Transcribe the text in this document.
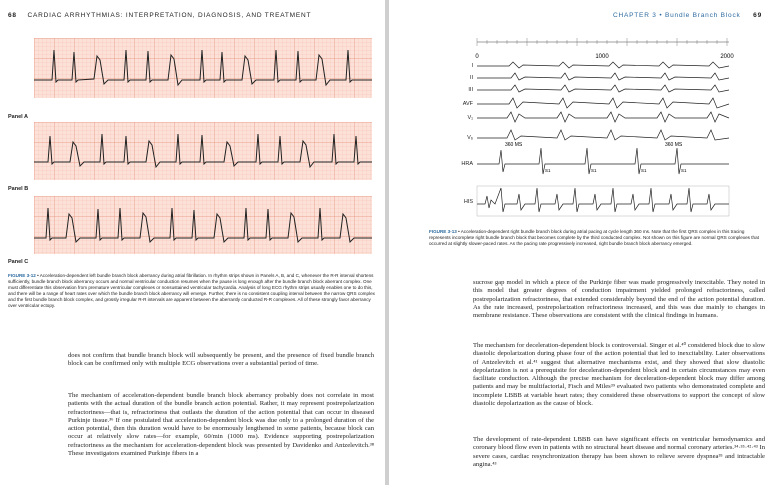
68 CARDIAC ARRHYTHMIAS: INTERPRETATION, DIAGNOSIS, AND TREATMENT
Panel A
Panel B
Panel C
FIGURE 3-12 • Acceleration-dependent left bundle branch block aberrancy during atrial fibrillation. In rhythm strips shown in Panels A, B, and C, whenever the R-R interval shortens sufficiently, bundle branch block aberrancy occurs and normal ventricular conduction resumes when the pause is long enough after the bundle branch block aberrant complex. One must differentiate this observation from premature ventricular complexes or nonsustained ventricular tachycardia. Analysis of long ECG rhythm strips usually enables one to do this, and there will be a range of heart rates over which the bundle branch block aberrancy will emerge. Further, there is no consistent coupling interval between the narrow QRS complex and the first bundle branch block complex, and grossly irregular R-R intervals are apparent between the aberrantly conducted R-R complexes. All of these strongly favor aberrancy over ventricular ectopy.
does not confirm that bundle branch block will subsequently be present, and the presence of fixed bundle branch block can be confirmed only with multiple ECG observations over a substantial period of time.
The mechanism of acceleration-dependent bundle branch block aberrancy probably does not correlate in most patients with the actual duration of the bundle branch action potential. Rather, it may represent postrepolarization refractoriness—that is, refractoriness that outlasts the duration of the action potential that can occur in diseased Purkinje tissue.³⁶ If one postulated that acceleration-dependent block was due only to a prolonged duration of the action potential, then this duration would have to be enormously lengthened in some patients, because block can occur at relatively slow rates—for example, 60/min (1000 ms). Evidence supporting postrepolarization refractoriness as the mechanism for acceleration-dependent block was presented by Davidenko and Antzelevitch.³⁸ These investigators examined Purkinje fibers in a
CHAPTER 3 • Bundle Branch Block 69
0	1000	2000
I
II
III
AVF
V₁
V₆
HRA
HIS
360 MS	360 MS
S1	S1	S1	S1
FIGURE 3-13 • Acceleration-dependent right bundle branch block during atrial pacing at cycle length 360 ms. Note that the first QRS complex in this tracing represents incomplete right bundle branch block that becomes complete by the third conducted complex. Not shown on this figure are normal QRS complexes that occurred at slightly slower-paced rates. As the pacing rate progressively increased, right bundle branch block aberrancy emerged.
sucrose gap model in which a piece of the Purkinje fiber was made progressively inexcitable. They noted in this model that greater degrees of conduction impairment yielded prolonged refractoriness, called postrepolarization refractoriness, that extended considerably beyond the end of the action potential duration. As the rate increased, postrepolarization refractoriness increased, and this was due mainly to changes in membrane resistance. These observations are consistent with the clinical findings in humans.
The mechanism for deceleration-dependent block is controversial. Singer et al.⁴⁰ considered block due to slow diastolic depolarization during phase four of the action potential that led to inexcitability. Later observations of Antzelevitch et al.⁴¹ suggest that alternative mechanisms exist, and they showed that slow diastolic depolarization is not a prerequisite for deceleration-dependent block and in certain circumstances may even facilitate conduction. Although the precise mechanism for deceleration-dependent block may differ among patients and may be multifactorial, Fisch and Miles³⁹ evaluated two patients who demonstrated complete and incomplete LBBB at variable heart rates; they considered these observations to support the concept of slow diastolic depolarization as the cause of block.
The development of rate-dependent LBBB can have significant effects on ventricular hemodynamics and coronary blood flow even in patients with no structural heart disease and normal coronary arteries.³⁴·³⁵·⁴²·⁴³ In severe cases, cardiac resynchronization therapy has been shown to relieve severe dyspnea³⁵ and intractable angina.⁴³
